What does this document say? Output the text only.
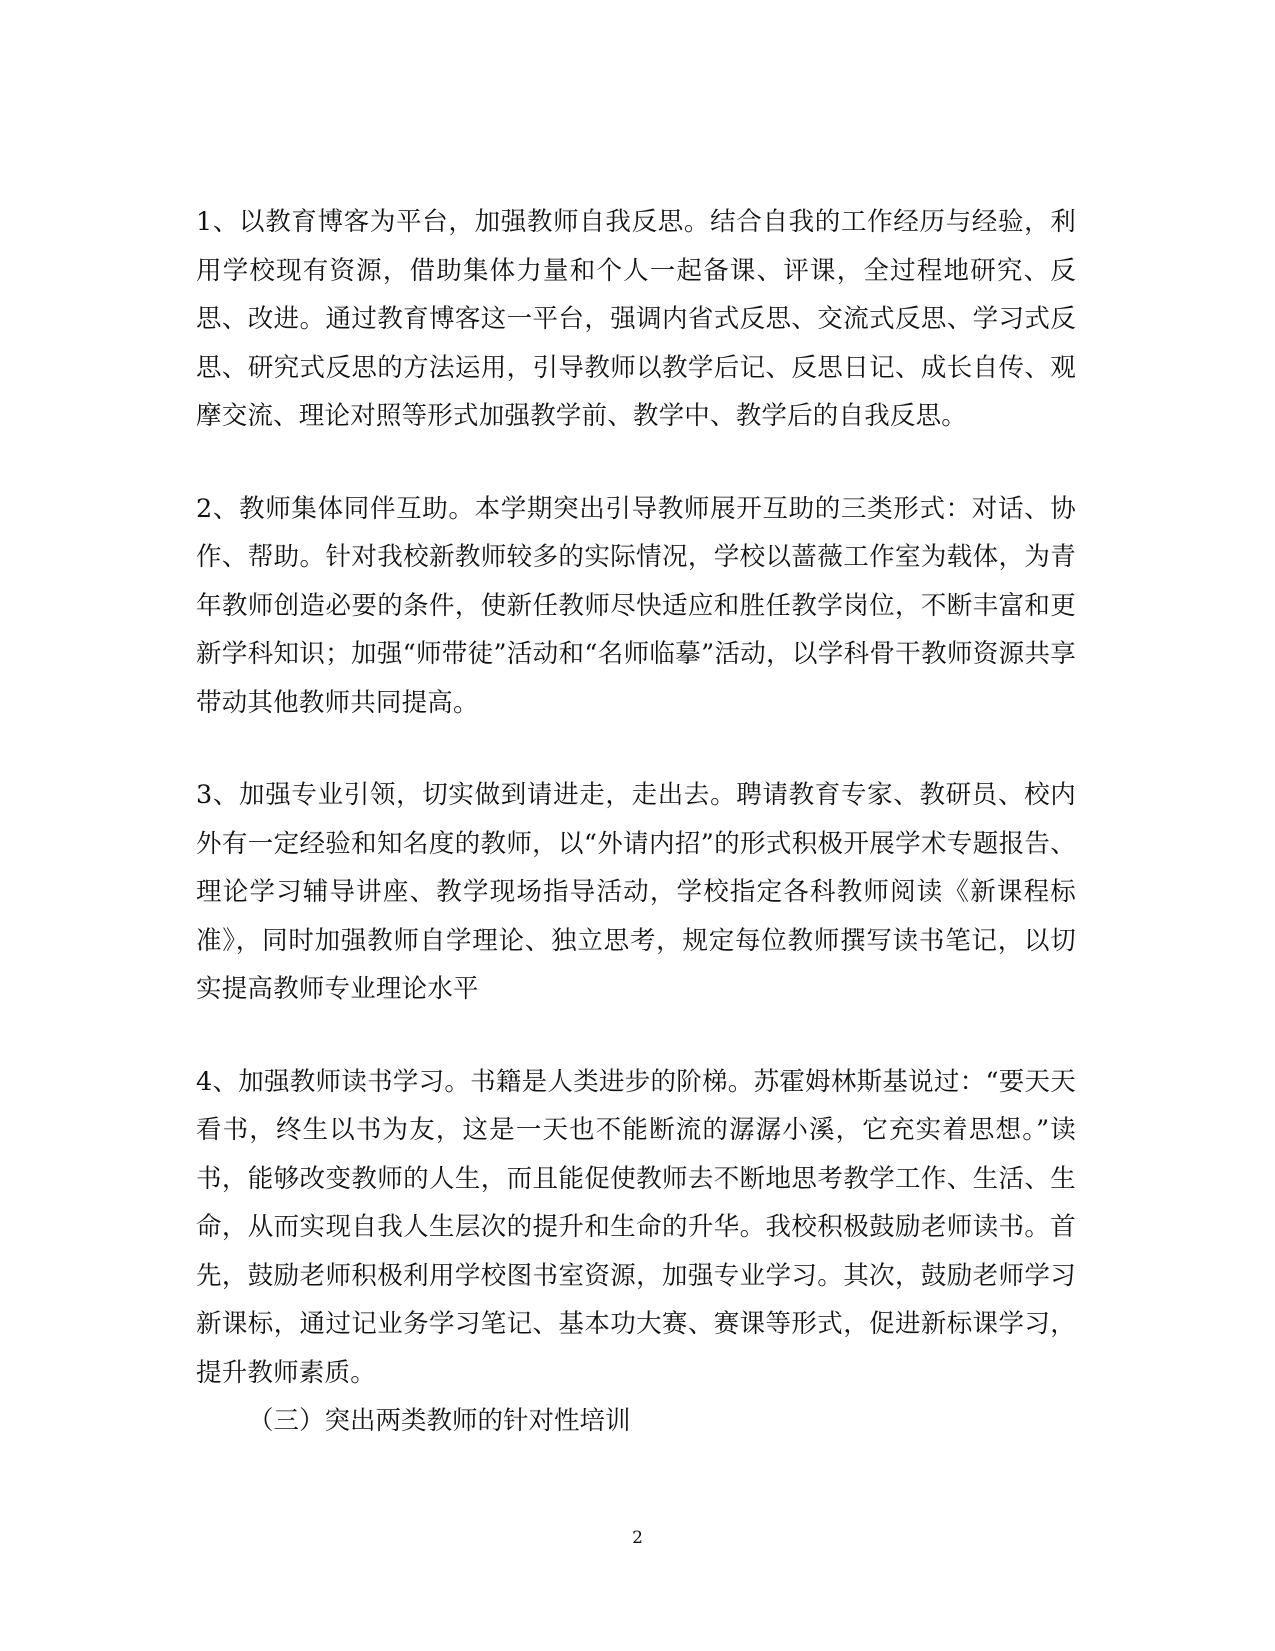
1、以教育博客为平台，加强教师自我反思。结合自我的工作经历与经验，利用学校现有资源，借助集体力量和个人一起备课、评课，全过程地研究、反思、改进。通过教育博客这一平台，强调内省式反思、交流式反思、学习式反思、研究式反思的方法运用，引导教师以教学后记、反思日记、成长自传、观摩交流、理论对照等形式加强教学前、教学中、教学后的自我反思。

2、教师集体同伴互助。本学期突出引导教师展开互助的三类形式：对话、协作、帮助。针对我校新教师较多的实际情况，学校以蔷薇工作室为载体，为青年教师创造必要的条件，使新任教师尽快适应和胜任教学岗位，不断丰富和更新学科知识；加强“师带徒”活动和“名师临摹”活动，以学科骨干教师资源共享带动其他教师共同提高。

3、加强专业引领，切实做到请进走，走出去。聘请教育专家、教研员、校内外有一定经验和知名度的教师，以“外请内招”的形式积极开展学术专题报告、理论学习辅导讲座、教学现场指导活动，学校指定各科教师阅读《新课程标准》，同时加强教师自学理论、独立思考，规定每位教师撰写读书笔记，以切实提高教师专业理论水平

4、加强教师读书学习。书籍是人类进步的阶梯。苏霍姆林斯基说过：“要天天看书，终生以书为友，这是一天也不能断流的潺潺小溪，它充实着思想。”读书，能够改变教师的人生，而且能促使教师去不断地思考教学工作、生活、生命，从而实现自我人生层次的提升和生命的升华。我校积极鼓励老师读书。首先，鼓励老师积极利用学校图书室资源，加强专业学习。其次，鼓励老师学习新课标，通过记业务学习笔记、基本功大赛、赛课等形式，促进新标课学习，提升教师素质。

（三）突出两类教师的针对性培训

2
